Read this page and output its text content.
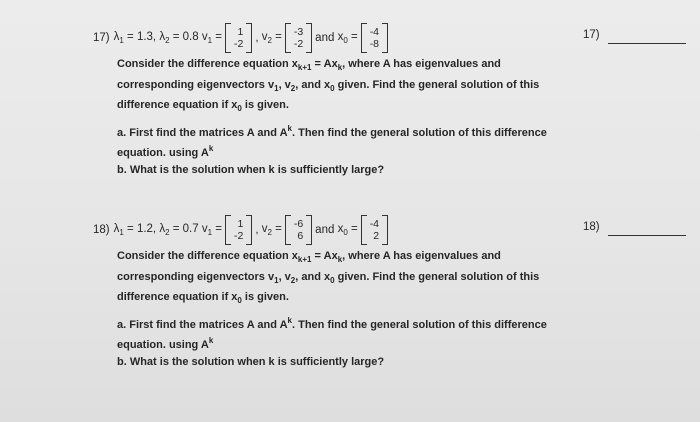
17) $\lambda_1 = 1.3$,
$\lambda_2 = 0.8$
$v_1 = 1$
-2 , $v_2 = -3$
-2 and
$x_0 = -4$
-8

Consider the difference equation $x_{k+1} = Ax_k$, where A has eigenvalues and

corresponding eigenvectors $v_1$, $v_2$, and $x_0$ given. Find the general solution of this

difference equation if $x_0$ is given.

a. First find the matrices A and $A^k$. Then find the general solution of this difference

equation. using $A^k$

b. What is the solution when k is sufficiently large?

17)
18) $\lambda_1 = 1.2$,
$\lambda_2 = 0.7$
$v_1 = 1$
-2 , $v_2 = -6$
6 and
$x_0 = -4$
2

Consider the difference equation $x_{k+1} = Ax_k$, where A has eigenvalues and

corresponding eigenvectors $v_1$, $v_2$, and $x_0$ given. Find the general solution of this

difference equation if $x_0$ is given.

a. First find the matrices A and $A^k$. Then find the general solution of this difference

equation. using $A^k$

b. What is the solution when k is sufficiently large?

18)
